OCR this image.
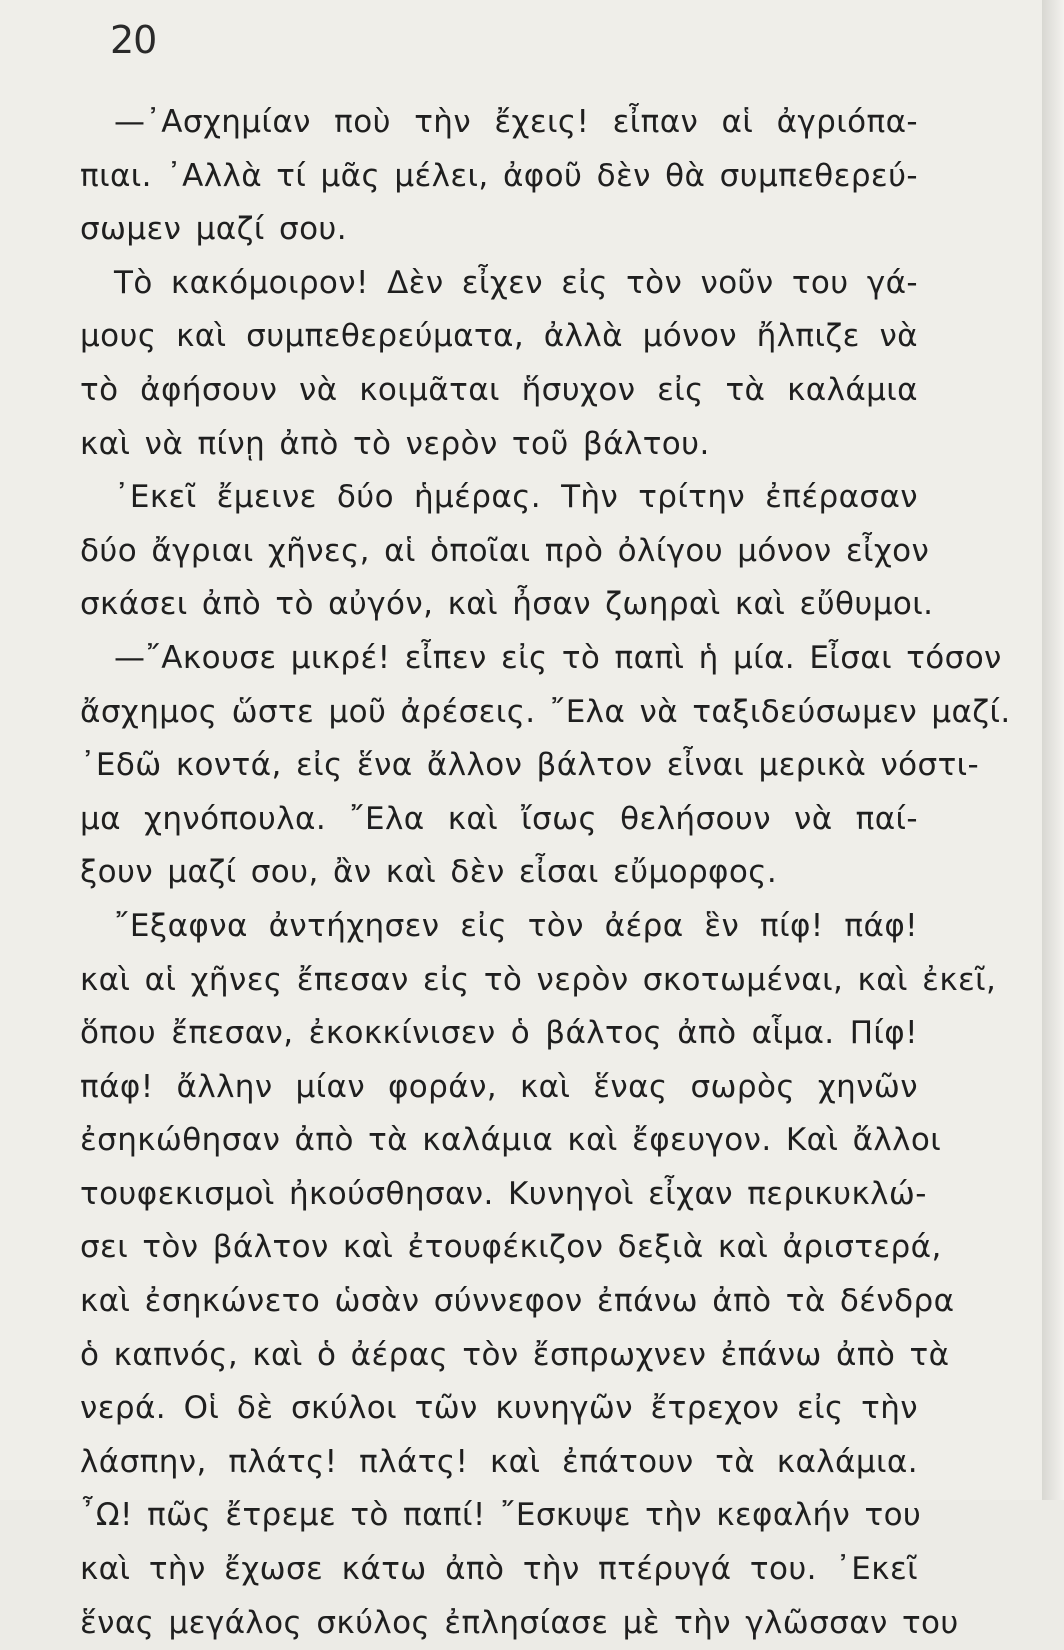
20
—᾿Ασχημίαν ποὺ τὴν ἔχεις! εἶπαν αἱ ἀγριόπα-
πιαι. ᾿Αλλὰ τί μᾶς μέλει, ἀφοῦ δὲν θὰ συμπεθερεύ-
σωμεν μαζί σου.
Τὸ κακόμοιρον! Δὲν εἶχεν εἰς τὸν νοῦν του γά-
μους καὶ συμπεθερεύματα, ἀλλὰ μόνον ἤλπιζε νὰ
τὸ ἀφήσουν νὰ κοιμᾶται ἥσυχον εἰς τὰ καλάμια
καὶ νὰ πίνῃ ἀπὸ τὸ νερὸν τοῦ βάλτου.
᾿Εκεῖ ἔμεινε δύο ἡμέρας. Τὴν τρίτην ἐπέρασαν
δύο ἄγριαι χῆνες, αἱ ὁποῖαι πρὸ ὀλίγου μόνον εἶχον
σκάσει ἀπὸ τὸ αὐγόν, καὶ ἦσαν ζωηραὶ καὶ εὔθυμοι.
—῎Ακουσε μικρέ! εἶπεν εἰς τὸ παπὶ ἡ μία. Εἶσαι τόσον
ἄσχημος ὥστε μοῦ ἀρέσεις. ῎Ελα νὰ ταξιδεύσωμεν μαζί.
᾿Εδῶ κοντά, εἰς ἕνα ἄλλον βάλτον εἶναι μερικὰ νόστι-
μα χηνόπουλα. ῎Ελα καὶ ἴσως θελήσουν νὰ παί-
ξουν μαζί σου, ἂν καὶ δὲν εἶσαι εὔμορφος.
῎Εξαφνα ἀντήχησεν εἰς τὸν ἀέρα ἓν πίφ! πάφ!
καὶ αἱ χῆνες ἔπεσαν εἰς τὸ νερὸν σκοτωμέναι, καὶ ἐκεῖ,
ὅπου ἔπεσαν, ἐκοκκίνισεν ὁ βάλτος ἀπὸ αἷμα. Πίφ!
πάφ! ἄλλην μίαν φοράν, καὶ ἕνας σωρὸς χηνῶν
ἐσηκώθησαν ἀπὸ τὰ καλάμια καὶ ἔφευγον. Καὶ ἄλλοι
τουφεκισμοὶ ἠκούσθησαν. Κυνηγοὶ εἶχαν περικυκλώ-
σει τὸν βάλτον καὶ ἐτουφέκιζον δεξιὰ καὶ ἀριστερά,
καὶ ἐσηκώνετο ὡσὰν σύννεφον ἐπάνω ἀπὸ τὰ δένδρα
ὁ καπνός, καὶ ὁ ἀέρας τὸν ἔσπρωχνεν ἐπάνω ἀπὸ τὰ
νερά. Οἱ δὲ σκύλοι τῶν κυνηγῶν ἔτρεχον εἰς τὴν
λάσπην, πλάτς! πλάτς! καὶ ἐπάτουν τὰ καλάμια.
῏Ω! πῶς ἔτρεμε τὸ παπί! ῎Εσκυψε τὴν κεφαλήν του
καὶ τὴν ἔχωσε κάτω ἀπὸ τὴν πτέρυγά του. ᾿Εκεῖ
ἕνας μεγάλος σκύλος ἐπλησίασε μὲ τὴν γλῶσσαν του
